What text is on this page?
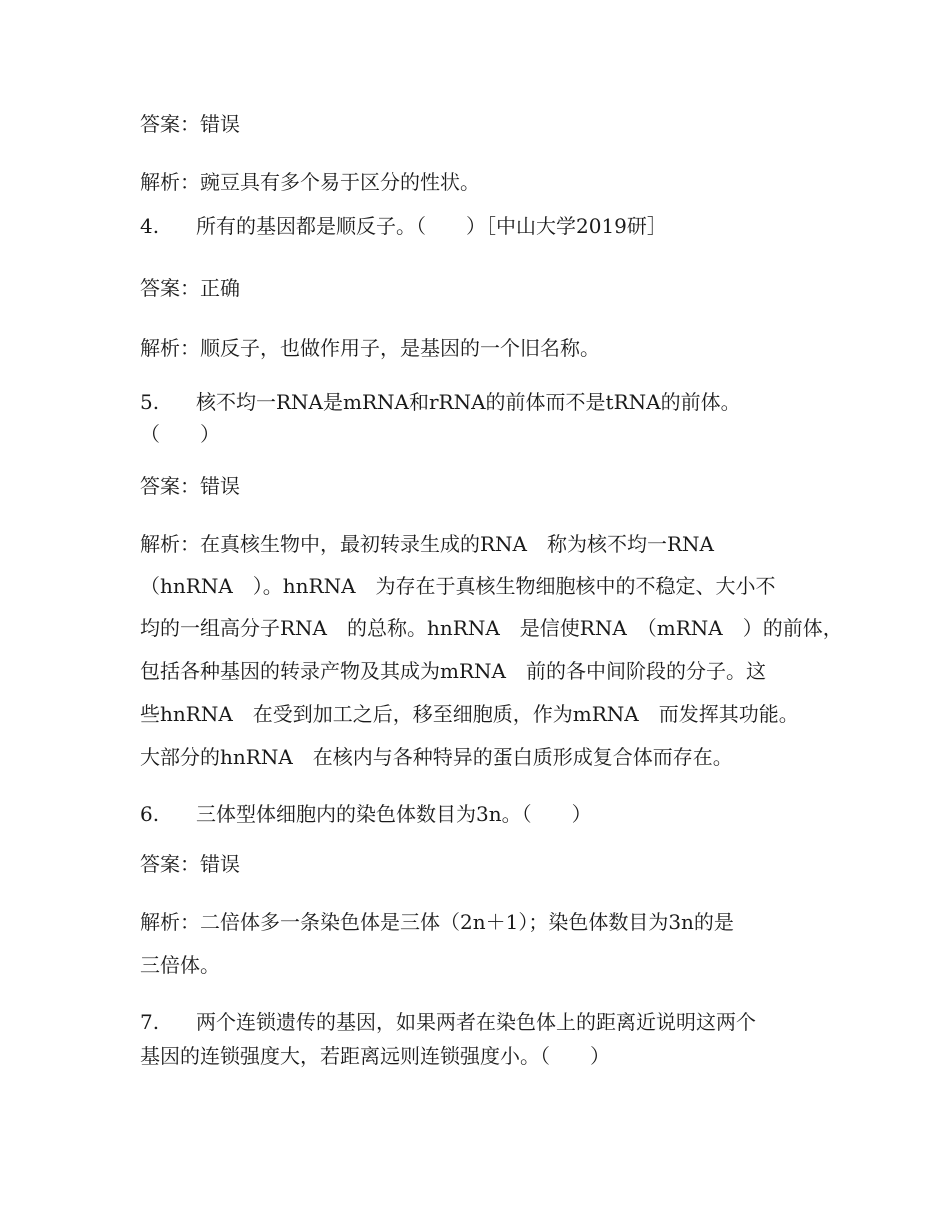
答案：错误
解析：豌豆具有多个易于区分的性状。
4. 所有的基因都是顺反子。（　　）［中山大学2019研］
答案：正确
解析：顺反子，也做作用子，是基因的一个旧名称。
5. 核不均一RNA是mRNA和rRNA的前体而不是tRNA的前体。
（　　）
答案：错误
解析：在真核生物中，最初转录生成的RNA　称为核不均一RNA
（hnRNA　）。hnRNA　为存在于真核生物细胞核中的不稳定、大小不
均的一组高分子RNA　的总称。hnRNA　是信使RNA　（mRNA　）的前体，
包括各种基因的转录产物及其成为mRNA　前的各中间阶段的分子。这
些hnRNA　在受到加工之后，移至细胞质，作为mRNA　而发挥其功能。
大部分的hnRNA　在核内与各种特异的蛋白质形成复合体而存在。
6. 三体型体细胞内的染色体数目为3n。（　　）
答案：错误
解析：二倍体多一条染色体是三体（2n＋1）；染色体数目为3n的是
三倍体。
7. 两个连锁遗传的基因，如果两者在染色体上的距离近说明这两个
基因的连锁强度大，若距离远则连锁强度小。（　　）
